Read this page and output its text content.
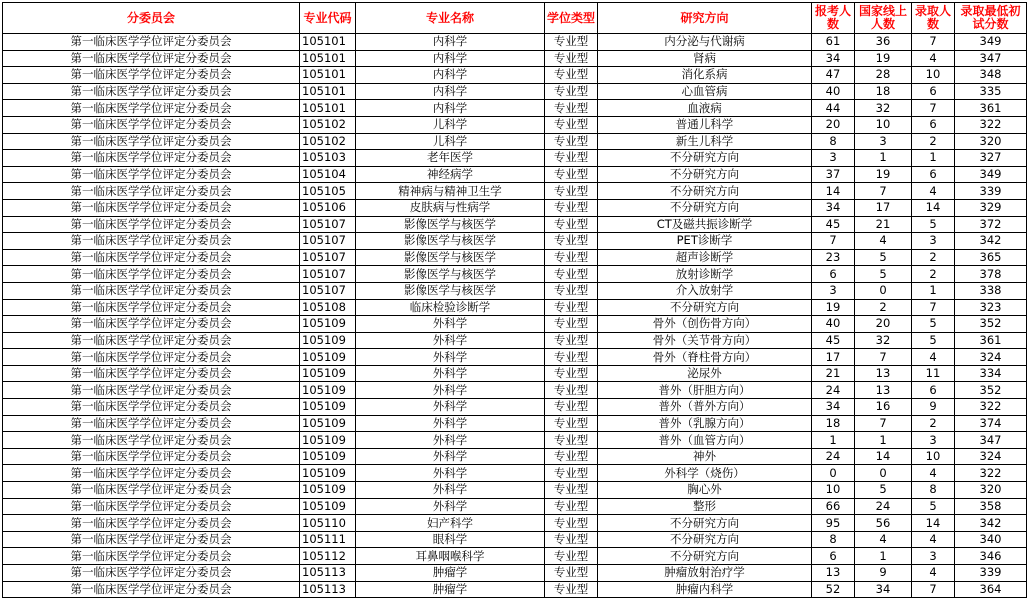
分委员会	专业代码	专业名称	学位类型	研究方向	报考人数	国家线上人数	录取人数	录取最低初试分数
第一临床医学学位评定分委员会	105101	内科学	专业型	内分泌与代谢病	61	36	7	349
第一临床医学学位评定分委员会	105101	内科学	专业型	肾病	34	19	4	347
第一临床医学学位评定分委员会	105101	内科学	专业型	消化系病	47	28	10	348
第一临床医学学位评定分委员会	105101	内科学	专业型	心血管病	40	18	6	335
第一临床医学学位评定分委员会	105101	内科学	专业型	血液病	44	32	7	361
第一临床医学学位评定分委员会	105102	儿科学	专业型	普通儿科学	20	10	6	322
第一临床医学学位评定分委员会	105102	儿科学	专业型	新生儿科学	8	3	2	320
第一临床医学学位评定分委员会	105103	老年医学	专业型	不分研究方向	3	1	1	327
第一临床医学学位评定分委员会	105104	神经病学	专业型	不分研究方向	37	19	6	349
第一临床医学学位评定分委员会	105105	精神病与精神卫生学	专业型	不分研究方向	14	7	4	339
第一临床医学学位评定分委员会	105106	皮肤病与性病学	专业型	不分研究方向	34	17	14	329
第一临床医学学位评定分委员会	105107	影像医学与核医学	专业型	CT及磁共振诊断学	45	21	5	372
第一临床医学学位评定分委员会	105107	影像医学与核医学	专业型	PET诊断学	7	4	3	342
第一临床医学学位评定分委员会	105107	影像医学与核医学	专业型	超声诊断学	23	5	2	365
第一临床医学学位评定分委员会	105107	影像医学与核医学	专业型	放射诊断学	6	5	2	378
第一临床医学学位评定分委员会	105107	影像医学与核医学	专业型	介入放射学	3	0	1	338
第一临床医学学位评定分委员会	105108	临床检验诊断学	专业型	不分研究方向	19	2	7	323
第一临床医学学位评定分委员会	105109	外科学	专业型	骨外（创伤骨方向）	40	20	5	352
第一临床医学学位评定分委员会	105109	外科学	专业型	骨外（关节骨方向）	45	32	5	361
第一临床医学学位评定分委员会	105109	外科学	专业型	骨外（脊柱骨方向）	17	7	4	324
第一临床医学学位评定分委员会	105109	外科学	专业型	泌尿外	21	13	11	334
第一临床医学学位评定分委员会	105109	外科学	专业型	普外（肝胆方向）	24	13	6	352
第一临床医学学位评定分委员会	105109	外科学	专业型	普外（普外方向）	34	16	9	322
第一临床医学学位评定分委员会	105109	外科学	专业型	普外（乳腺方向）	18	7	2	374
第一临床医学学位评定分委员会	105109	外科学	专业型	普外（血管方向）	1	1	3	347
第一临床医学学位评定分委员会	105109	外科学	专业型	神外	24	14	10	324
第一临床医学学位评定分委员会	105109	外科学	专业型	外科学（烧伤）	0	0	4	322
第一临床医学学位评定分委员会	105109	外科学	专业型	胸心外	10	5	8	320
第一临床医学学位评定分委员会	105109	外科学	专业型	整形	66	24	5	358
第一临床医学学位评定分委员会	105110	妇产科学	专业型	不分研究方向	95	56	14	342
第一临床医学学位评定分委员会	105111	眼科学	专业型	不分研究方向	8	4	4	340
第一临床医学学位评定分委员会	105112	耳鼻咽喉科学	专业型	不分研究方向	6	1	3	346
第一临床医学学位评定分委员会	105113	肿瘤学	专业型	肿瘤放射治疗学	13	9	4	339
第一临床医学学位评定分委员会	105113	肿瘤学	专业型	肿瘤内科学	52	34	7	364
